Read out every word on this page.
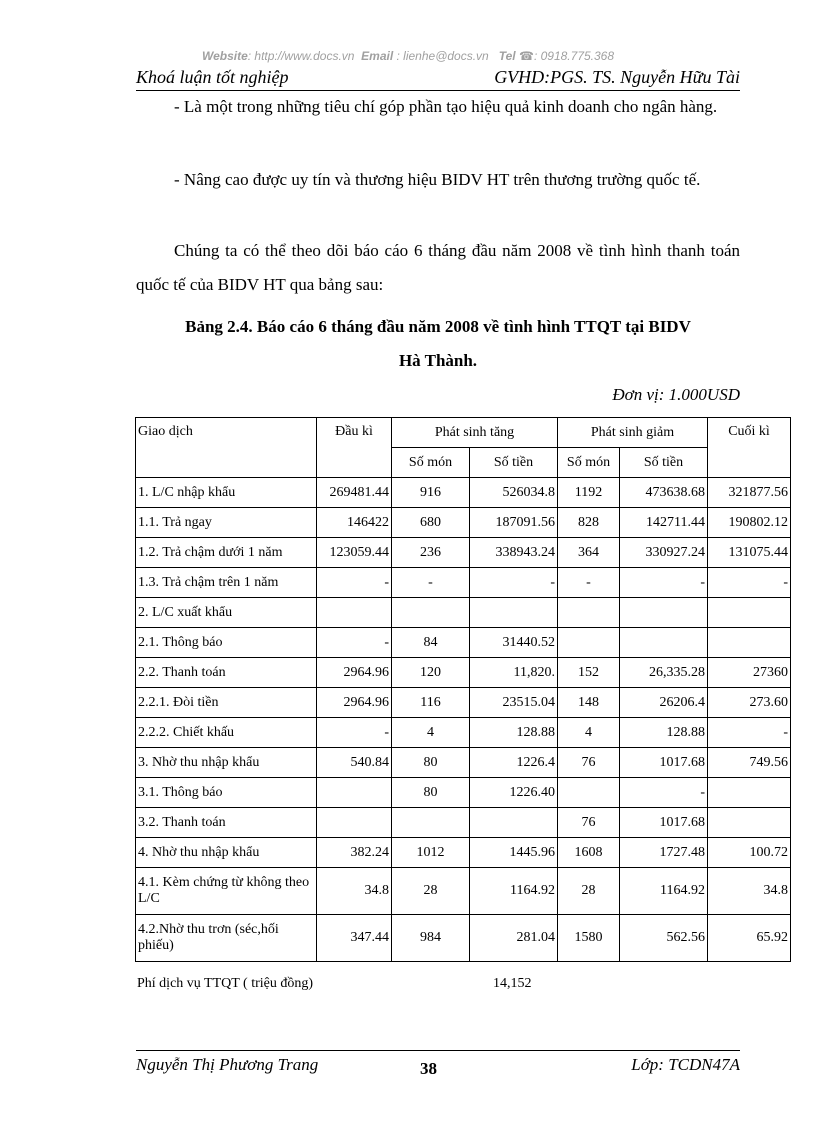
Website: http://www.docs.vn Email : lienhe@docs.vn Tel ☎: 0918.775.368
Khoá luận tốt nghiệp	GVHD:PGS. TS. Nguyễn Hữu Tài
- Là một trong những tiêu chí góp phần tạo hiệu quả kinh doanh cho ngân hàng.
- Nâng cao được uy tín và thương hiệu BIDV HT trên thương trường quốc tế.
Chúng ta có thể theo dõi báo cáo 6 tháng đầu năm 2008 về tình hình thanh toán quốc tế của BIDV HT qua bảng sau:
Bảng 2.4. Báo cáo 6 tháng đầu năm 2008 về tình hình TTQT tại BIDV
Hà Thành.
Đơn vị: 1.000USD
Giao dịch	Đầu kì	Phát sinh tăng		Phát sinh giảm		Cuối kì
		Số món	Số tiền	Số món	Số tiền	
1. L/C nhập khẩu	269481.44	916	526034.8	1192	473638.68	321877.56
1.1. Trả ngay	146422	680	187091.56	828	142711.44	190802.12
1.2. Trả chậm dưới 1 năm	123059.44	236	338943.24	364	330927.24	131075.44
1.3. Trả chậm trên 1 năm	-	-	-	-	-	-
2. L/C xuất khẩu						
2.1. Thông báo	-	84	31440.52			
2.2. Thanh toán	2964.96	120	11,820.	152	26,335.28	27360
2.2.1. Đòi tiền	2964.96	116	23515.04	148	26206.4	273.60
2.2.2. Chiết khấu	-	4	128.88	4	128.88	-
3. Nhờ thu nhập khẩu	540.84	80	1226.4	76	1017.68	749.56
3.1. Thông báo		80	1226.40		-	
3.2. Thanh toán				76	1017.68	
4. Nhờ thu nhập khẩu	382.24	1012	1445.96	1608	1727.48	100.72
4.1. Kèm chứng từ không theo L/C	34.8	28	1164.92	28	1164.92	34.8
4.2.Nhờ thu trơn (séc,hối phiếu)	347.44	984	281.04	1580	562.56	65.92
Phí dịch vụ TTQT ( triệu đồng)	14,152
Nguyễn Thị Phương Trang	38	Lớp: TCDN47A
